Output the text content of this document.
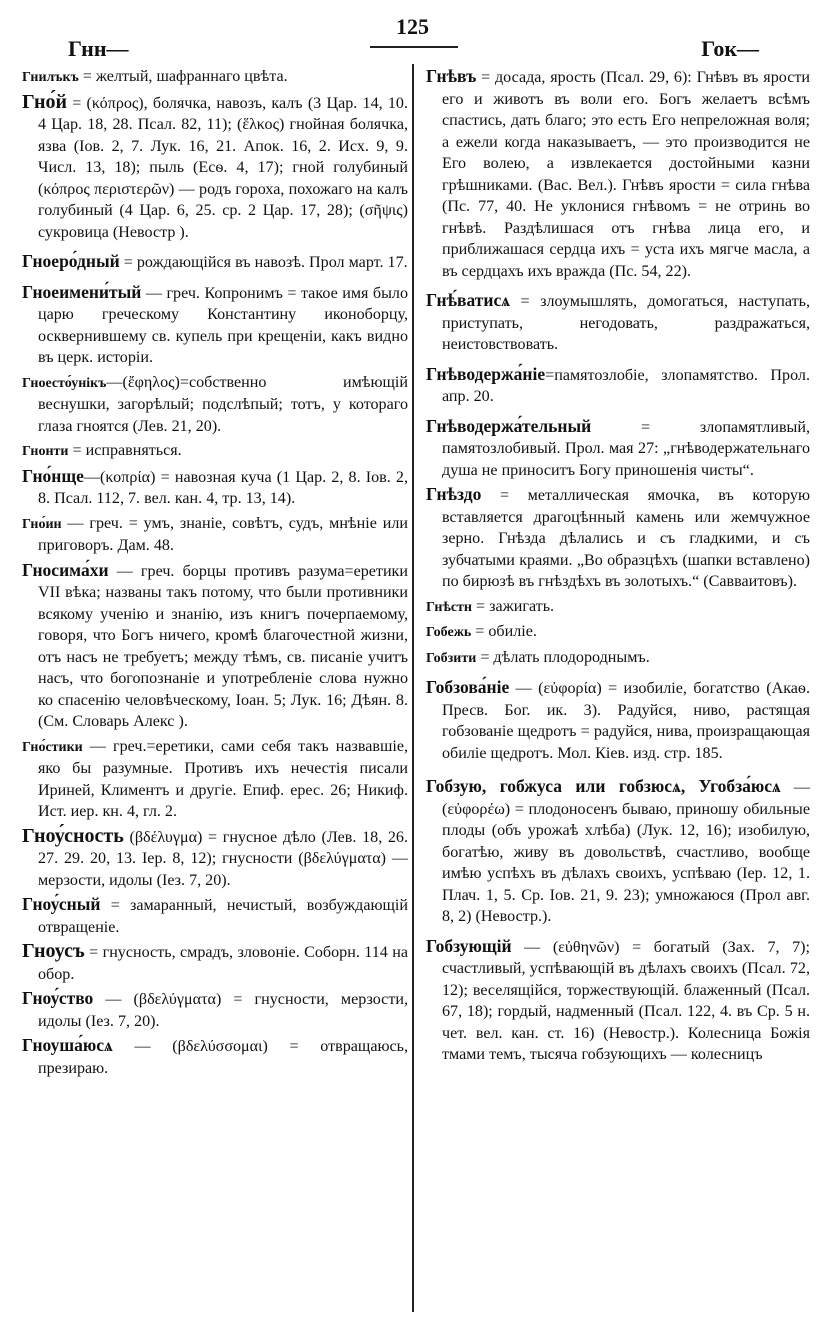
Гнн—
125
Гок—

Гнилъкъ = желтый, шафраннаго цвѣта.

Гно́й = (κόπρος), болячка, навозъ, калъ (3 Цар. 14, 10. 4 Цар. 18, 28. Псал. 82, 11); (ἕλκος) гнойная болячка, язва (Іов. 2, 7. Лук. 16, 21. Апок. 16, 2. Исх. 9, 9. Числ. 13, 18); пыль (Есѳ. 4, 17); гной голубиный (κόπρος περιστερῶν) — родъ гороха, похожаго на калъ голубиный (4 Цар. 6, 25. ср. 2 Цар. 17, 28); (σῆψις) сукровица (Невостр ).

Гноеро́дный = рождающійся въ навозѣ. Прол март. 17.

Гноеимени́тый — греч. Копронимъ = такое имя было царю греческому Константину иконоборцу, осквернившему св. купель при крещеніи, какъ видно въ церк. исторіи.

Гноесто́унікъ—(ἔφηλος)=собственно имѣющій веснушки, загорѣлый; подслѣпый; тотъ, у котораго глаза гноятся (Лев. 21, 20).

Гнонти = исправняться.

Гно́нще—(κοπρία) = навозная куча (1 Цар. 2, 8. Іов. 2, 8. Псал. 112, 7. вел. кан. 4, тр. 13, 14).

Гно́ин — греч. = умъ, знаніе, совѣтъ, судъ, мнѣніе или приговоръ. Дам. 48.

Гносима́хи — греч. борцы противъ разума=еретики VII вѣка; названы такъ потому, что были противники всякому ученію и знанію, изъ книгъ почерпаемому, говоря, что Богъ ничего, кромѣ благочестной жизни, отъ насъ не требуетъ; между тѣмъ, св. писаніе учитъ насъ, что богопознаніе и употребленіе слова нужно ко спасенію человѣческому, Іоан. 5; Лук. 16; Дѣян. 8. (См. Словарь Алекс ).

Гно́стики — греч.=еретики, сами себя такъ назвавшіе, яко бы разумные. Противъ ихъ нечестія писали Ириней, Климентъ и другіе. Епиф. ерес. 26; Никиф. Ист. иер. кн. 4, гл. 2.

Гноу́сность (βδέλυγμα) = гнусное дѣло (Лев. 18, 26. 27. 29. 20, 13. Іер. 8, 12); гнусности (βδελύγματα) — мерзости, идолы (Іез. 7, 20).

Гноу́сный = замаранный, нечистый, возбуждающій отвращеніе.

Гноусъ = гнусность, смрадъ, зловоніе. Соборн. 114 на обор.

Гноу́ство — (βδελύγματα) = гнусности, мерзости, идолы (Іез. 7, 20).

Гноуша́юсѧ — (βδελύσσομαι) = отвращаюсь, презираю.

Гнѣвъ = досада, ярость (Псал. 29, 6): Гнѣвъ въ ярости его и животъ въ воли его. Богъ желаетъ всѣмъ спастись, дать благо; это есть Его непреложная воля; а ежели когда наказываетъ, — это производится не Его волею, а извлекается достойными казни грѣшниками. (Вас. Вел.). Гнѣвъ ярости = сила гнѣва (Пс. 77, 40. Не уклонися гнѣвомъ = не отринь во гнѣвѣ. Раздѣлишася отъ гнѣва лица его, и приближашася сердца ихъ = уста ихъ мягче масла, а въ сердцахъ ихъ вражда (Пс. 54, 22).

Гнѣ́ватисѧ = злоумышлять, домогаться, наступать, приступать, негодовать, раздражаться, неистовствовать.

Гнѣводержа́ніе=памятозлобіе, злопамятство. Прол. апр. 20.

Гнѣводержа́тельный = злопамятливый, памятозлобивый. Прол. мая 27: „гнѣводержательнаго душа не приноситъ Богу приношенія чисты“.

Гнѣздо = металлическая ямочка, въ которую вставляется драгоцѣнный камень или жемчужное зерно. Гнѣзда дѣлались и съ гладкими, и съ зубчатыми краями. „Во образцѣхъ (шапки вставлено) по бирюзѣ въ гнѣздѣхъ въ золотыхъ.“ (Савваитовъ).

Гнѣстн = зажигать.

Гобежь = обиліе.

Гобзити = дѣлать плодороднымъ.

Гобзова́ніе — (εὐφορία) = изобиліе, богатство (Акаѳ. Пресв. Бог. ик. 3). Радуйся, ниво, растящая гобзованіе щедротъ = радуйся, нива, произращающая обиліе щедротъ. Мол. Кіев. изд. стр. 185.

Гобзую, гобжуса или гобзюсѧ, Угобза́юсѧ — (εὐφορέω) = плодоносенъ бываю, приношу обильные плоды (объ урожаѣ хлѣба) (Лук. 12, 16); изобилую, богатѣю, живу въ довольствѣ, счастливо, вообще имѣю успѣхъ въ дѣлахъ своихъ, успѣваю (Іер. 12, 1. Плач. 1, 5. Ср. Іов. 21, 9. 23); умножаюся (Прол авг. 8, 2) (Невостр.).

Гобзующій — (εὐθηνῶν) = богатый (Зах. 7, 7); счастливый, успѣвающій въ дѣлахъ своихъ (Псал. 72, 12); веселящійся, торжествующій. блаженный (Псал. 67, 18); гордый, надменный (Псал. 122, 4. въ Ср. 5 н. чет. вел. кан. ст. 16) (Невостр.). Колесница Божія тмами темъ, тысяча гобзующихъ — колесницъ
